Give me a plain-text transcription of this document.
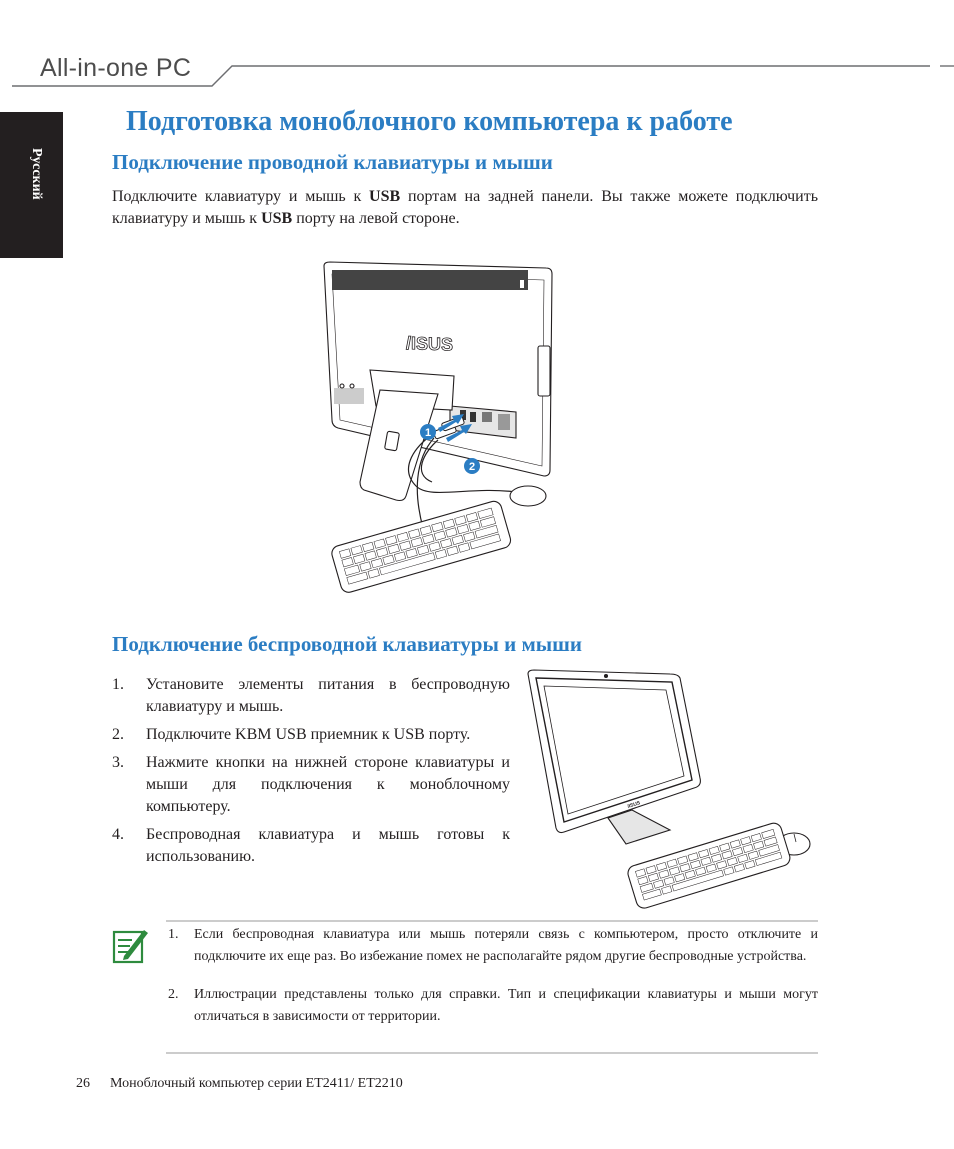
All-in-one PC
Русский
Подготовка моноблочного компьютера к работе
Подключение проводной клавиатуры и мыши
Подключите клавиатуру и мышь к USB портам на задней панели. Вы также можете подключить клавиатуру и мышь к USB порту на левой стороне.
1
2
/ISUS
Подключение беспроводной клавиатуры и мыши
1. Установите элементы питания в беспроводную клавиатуру и мышь.
2. Подключите KBM USB приемник к USB порту.
3. Нажмите кнопки на нижней стороне клавиатуры и мыши для подключения к моноблочному компьютеру.
4. Беспроводная клавиатура и мышь готовы к использованию.
/ISUS
1. Если беспроводная клавиатура или мышь потеряли связь с компьютером, просто отключите и подключите их еще раз. Во избежание помех не располагайте рядом другие беспроводные устройства.
2. Иллюстрации представлены только для справки. Тип и спецификации клавиатуры и мыши могут отличаться в зависимости от территории.
26 Моноблочный компьютер серии ET2411/ ET2210
